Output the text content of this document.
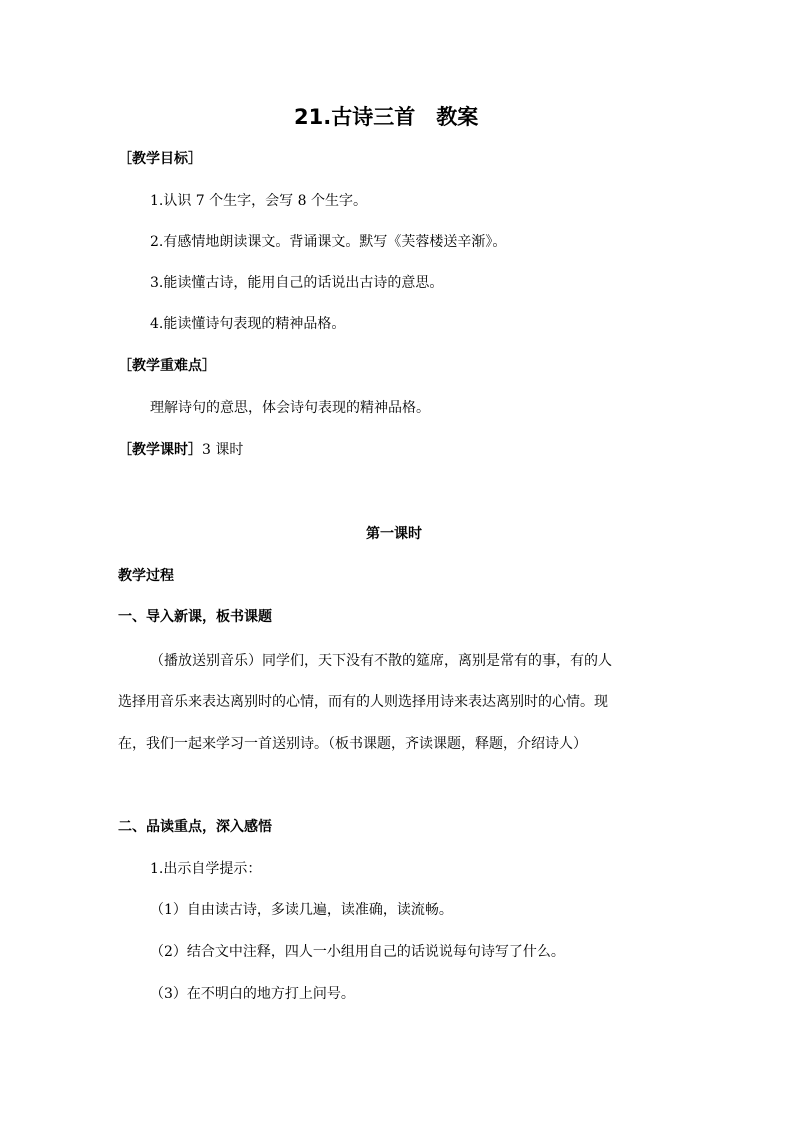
21.古诗三首　教案
［教学目标］
1.认识 7 个生字，会写 8 个生字。
2.有感情地朗读课文。背诵课文。默写《芙蓉楼送辛渐》。
3.能读懂古诗，能用自己的话说出古诗的意思。
4.能读懂诗句表现的精神品格。
［教学重难点］
理解诗句的意思，体会诗句表现的精神品格。
［教学课时］3 课时
第一课时
教学过程
一、导入新课，板书课题
（播放送别音乐）同学们，天下没有不散的筵席，离别是常有的事，有的人
选择用音乐来表达离别时的心情，而有的人则选择用诗来表达离别时的心情。现
在，我们一起来学习一首送别诗。（板书课题，齐读课题，释题，介绍诗人）
二、品读重点，深入感悟
1.出示自学提示：
（1）自由读古诗，多读几遍，读准确，读流畅。
（2）结合文中注释，四人一小组用自己的话说说每句诗写了什么。
（3）在不明白的地方打上问号。
